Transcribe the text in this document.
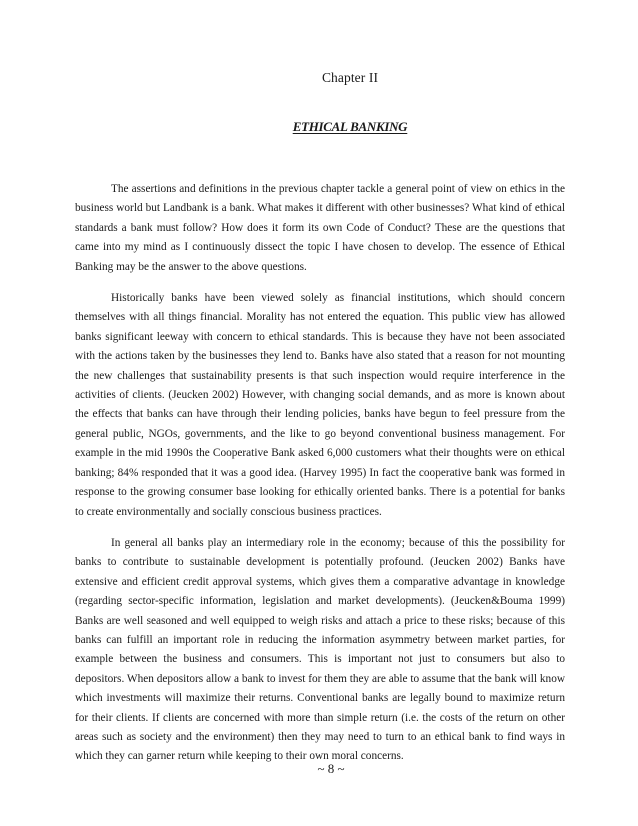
Chapter II
ETHICAL BANKING

The assertions and definitions in the previous chapter tackle a general point of view on ethics in the business world but Landbank is a bank. What makes it different with other businesses? What kind of ethical standards a bank must follow? How does it form its own Code of Conduct? These are the questions that came into my mind as I continuously dissect the topic I have chosen to develop. The essence of Ethical Banking may be the answer to the above questions.

Historically banks have been viewed solely as financial institutions, which should concern themselves with all things financial. Morality has not entered the equation. This public view has allowed banks significant leeway with concern to ethical standards. This is because they have not been associated with the actions taken by the businesses they lend to. Banks have also stated that a reason for not mounting the new challenges that sustainability presents is that such inspection would require interference in the activities of clients. (Jeucken 2002) However, with changing social demands, and as more is known about the effects that banks can have through their lending policies, banks have begun to feel pressure from the general public, NGOs, governments, and the like to go beyond conventional business management. For example in the mid 1990s the Cooperative Bank asked 6,000 customers what their thoughts were on ethical banking; 84% responded that it was a good idea. (Harvey 1995) In fact the cooperative bank was formed in response to the growing consumer base looking for ethically oriented banks. There is a potential for banks to create environmentally and socially conscious business practices.

In general all banks play an intermediary role in the economy; because of this the possibility for banks to contribute to sustainable development is potentially profound. (Jeucken 2002) Banks have extensive and efficient credit approval systems, which gives them a comparative advantage in knowledge (regarding sector-specific information, legislation and market developments). (Jeucken&Bouma 1999) Banks are well seasoned and well equipped to weigh risks and attach a price to these risks; because of this banks can fulfill an important role in reducing the information asymmetry between market parties, for example between the business and consumers. This is important not just to consumers but also to depositors. When depositors allow a bank to invest for them they are able to assume that the bank will know which investments will maximize their returns. Conventional banks are legally bound to maximize return for their clients. If clients are concerned with more than simple return (i.e. the costs of the return on other areas such as society and the environment) then they may need to turn to an ethical bank to find ways in which they can garner return while keeping to their own moral concerns.

~ 8 ~
